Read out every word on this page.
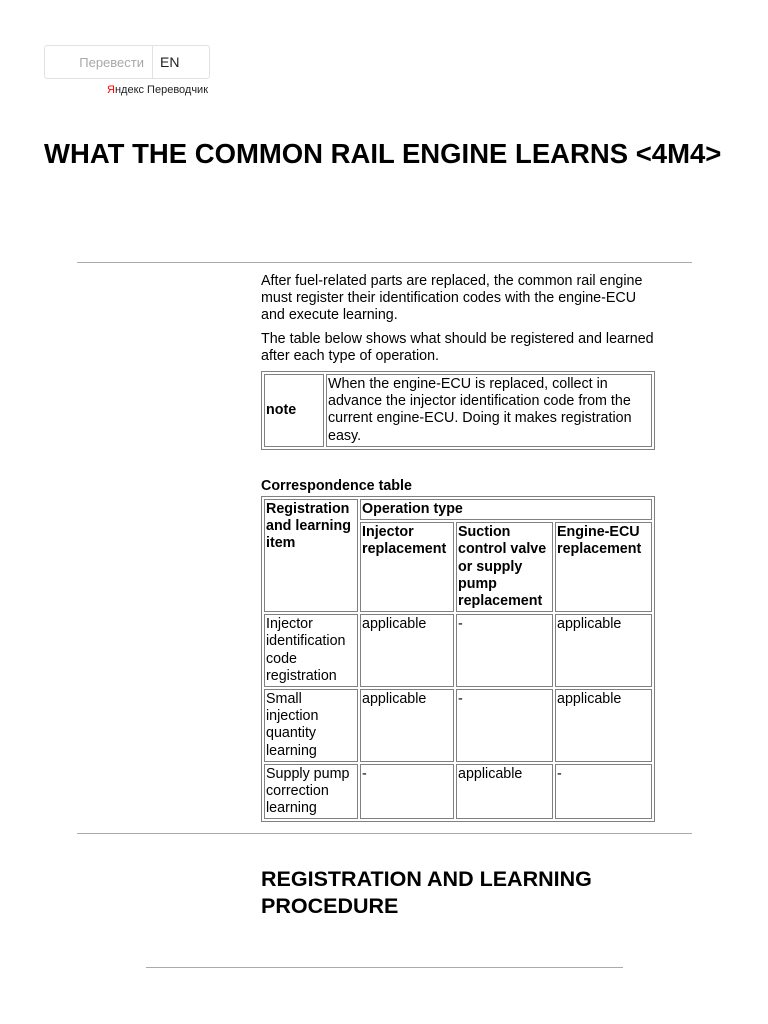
Перевести	EN
Яндекс Переводчик
WHAT THE COMMON RAIL ENGINE LEARNS <4M4>

After fuel-related parts are replaced, the common rail engine must register their identification codes with the engine-ECU and execute learning.

The table below shows what should be registered and learned after each type of operation.

note	When the engine-ECU is replaced, collect in advance the injector identification code from the current engine-ECU. Doing it makes registration easy.
Correspondence table
Registration and learning item	Operation type		
	Injector replacement	Suction control valve or supply pump replacement	Engine-ECU replacement
Injector identification code registration	applicable	-	applicable
Small injection quantity learning	applicable	-	applicable
Supply pump correction learning	-	applicable	-
REGISTRATION AND LEARNING PROCEDURE
